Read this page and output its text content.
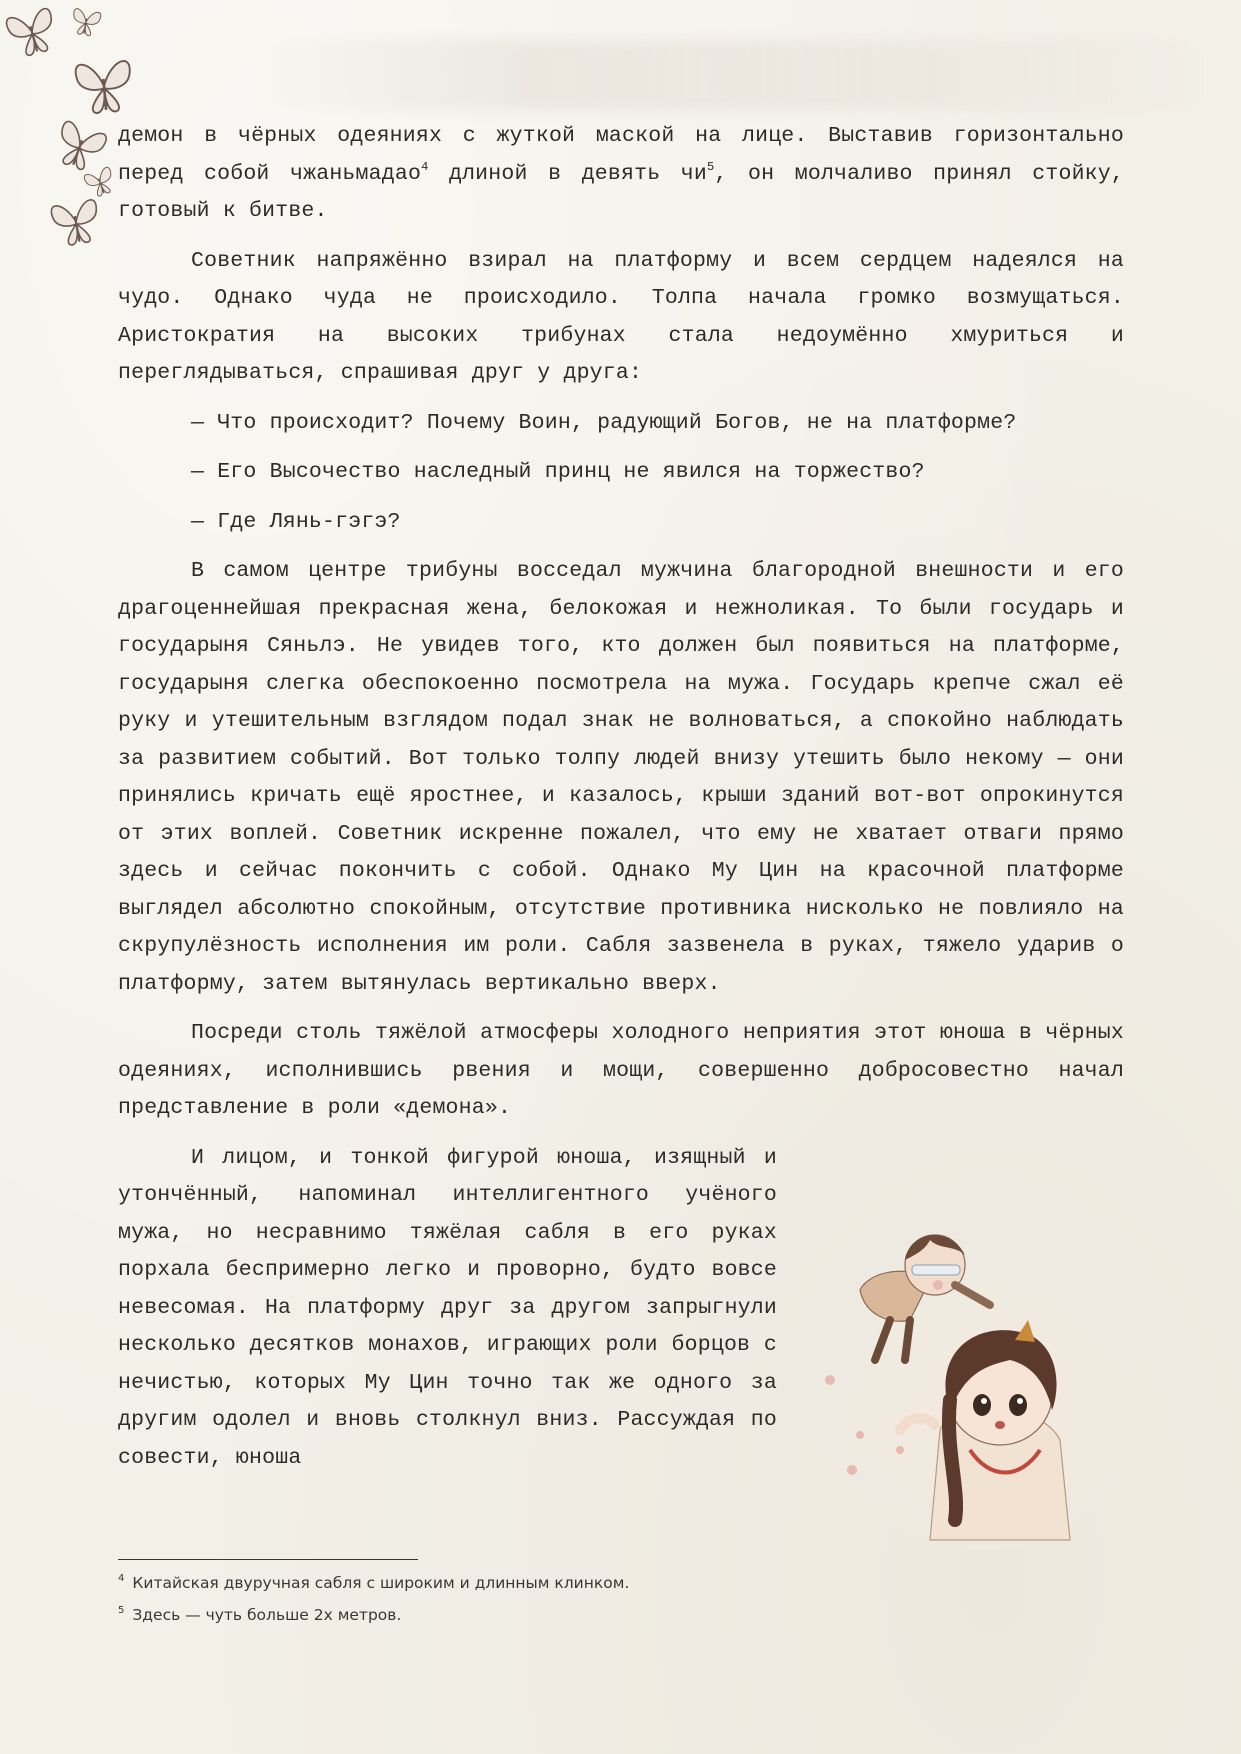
демон в чёрных одеяниях с жуткой маской на лице. Выставив горизонтально перед собой чжаньмадао$^4$ длиной в девять $чи^5$, он молчаливо принял стойку, готовый к битве.

Советник напряжённо взирал на платформу и всем сердцем надеялся на чудо. Однако чуда не происходило. Толпа начала громко возмущаться. Аристократия на высоких трибунах стала недоумённо хмуриться и переглядываться, спрашивая друг у друга:

— Что происходит? Почему Воин, радующий Богов, не на платформе?

— Его Высочество наследный принц не явился на торжество?

— Где Лянь-гэгэ?

В самом центре трибуны восседал мужчина благородной внешности и его драгоценнейшая прекрасная жена, белокожая и нежноликая. То были государь и государыня Сяньлэ. Не увидев того, кто должен был появиться на платформе, государыня слегка обеспокоенно посмотрела на мужа. Государь крепче сжал её руку и утешительным взглядом подал знак не волноваться, а спокойно наблюдать за развитием событий. Вот только толпу людей внизу утешить было некому — они принялись кричать ещё яростнее, и казалось, крыши зданий вот-вот опрокинутся от этих воплей. Советник искренне пожалел, что ему не хватает отваги прямо здесь и сейчас покончить с собой. Однако Му Цин на красочной платформе выглядел абсолютно спокойным, отсутствие противника нисколько не повлияло на скрупулёзность исполнения им роли. Сабля зазвенела в руках, тяжело ударив о платформу, затем вытянулась вертикально вверх.

Посреди столь тяжёлой атмосферы холодного неприятия этот юноша в чёрных одеяниях, исполнившись рвения и мощи, совершенно добросовестно начал представление в роли «демона».

И лицом, и тонкой фигурой юноша, изящный и утончённый, напоминал интеллигентного учёного мужа, но несравнимо тяжёлая сабля в его руках порхала беспримерно легко и проворно, будто вовсе невесомая. На платформу друг за другом запрыгнули несколько десятков монахов, играющих роли борцов с нечистью, которых Му Цин точно так же одного за другим одолел и вновь столкнул вниз. Рассуждая по совести, юноша

$^4$ Китайская двуручная сабля с широким и длинным клинком.

$^5$ Здесь — чуть больше 2х метров.
